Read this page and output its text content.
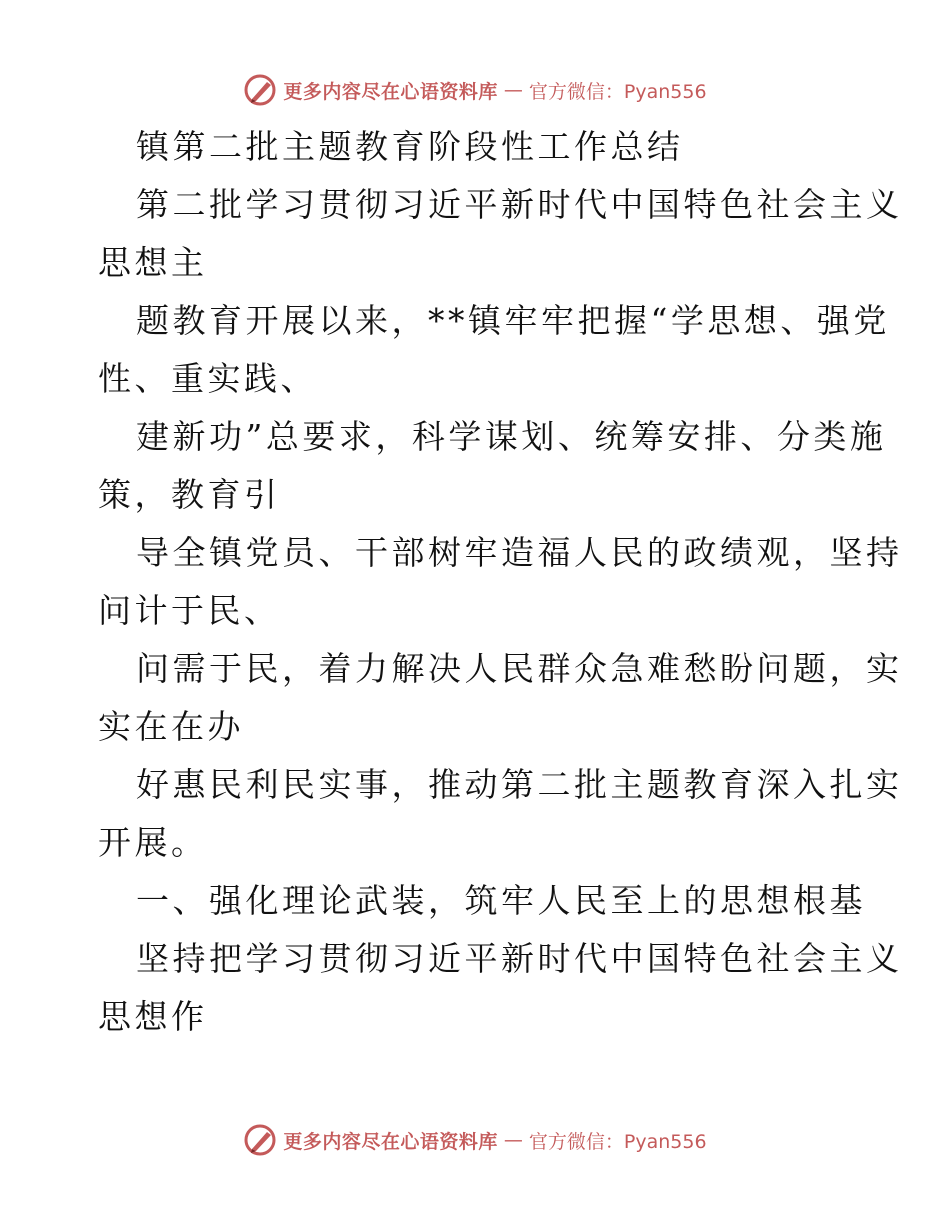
更多内容尽在心语资料库 — 官方微信：Pyan556
镇第二批主题教育阶段性工作总结
第二批学习贯彻习近平新时代中国特色社会主义
思想主
题教育开展以来，**镇牢牢把握“学思想、强党
性、重实践、
建新功”总要求，科学谋划、统筹安排、分类施
策，教育引
导全镇党员、干部树牢造福人民的政绩观，坚持
问计于民、
问需于民，着力解决人民群众急难愁盼问题，实
实在在办
好惠民利民实事，推动第二批主题教育深入扎实
开展。
一、强化理论武装，筑牢人民至上的思想根基
坚持把学习贯彻习近平新时代中国特色社会主义
思想作
更多内容尽在心语资料库 — 官方微信：Pyan556
